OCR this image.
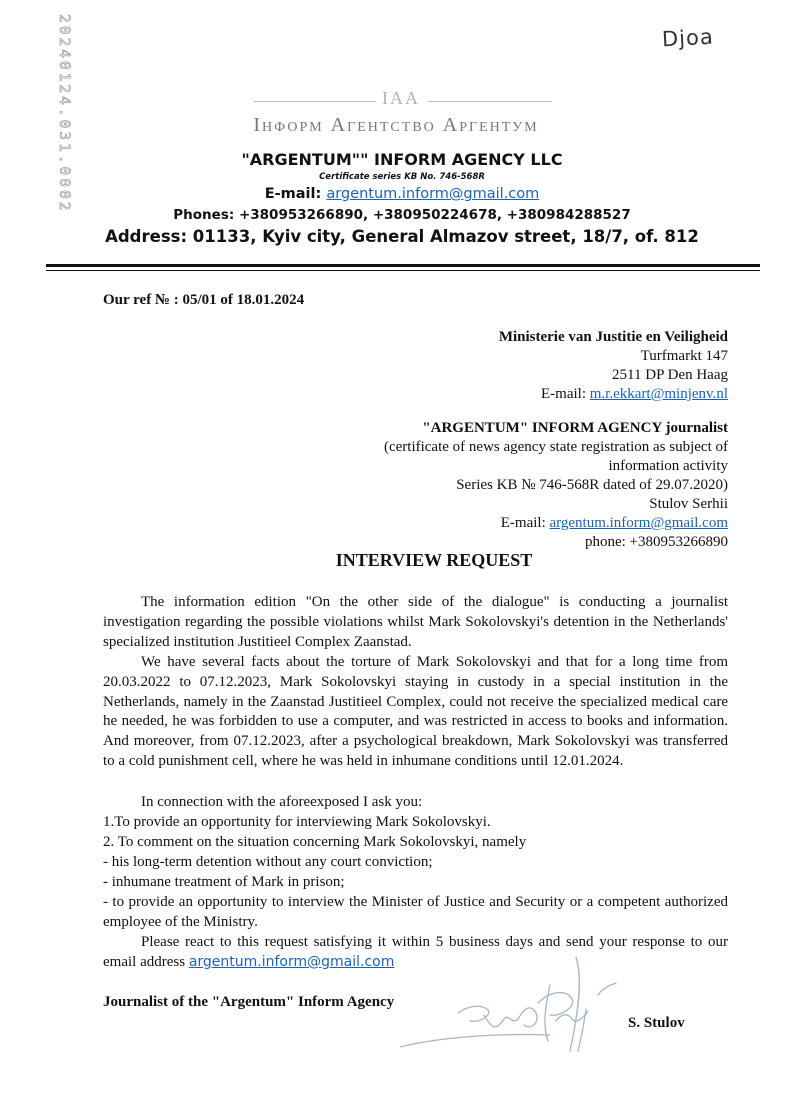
20240124.031.0002	Djoa
IAA
Інформ Агентство Аргентум
"ARGENTUM"" INFORM AGENCY LLC
Certificate series KB No. 746-568R
E-mail: argentum.inform@gmail.com
Phones: +380953266890, +380950224678, +380984288527
Address: 01133, Kyiv city, General Almazov street, 18/7, of. 812
Our ref № : 05/01 of 18.01.2024
Ministerie van Justitie en Veiligheid
Turfmarkt 147
2511 DP Den Haag
E-mail: m.r.ekkart@minjenv.nl
"ARGENTUM" INFORM AGENCY journalist
(certificate of news agency state registration as subject of
information activity
Series KB № 746-568R dated of 29.07.2020)
Stulov Serhii
E-mail: argentum.inform@gmail.com
phone: +380953266890
INTERVIEW REQUEST
The information edition "On the other side of the dialogue" is conducting a journalist investigation regarding the possible violations whilst Mark Sokolovskyi's detention in the Netherlands' specialized institution Justitieel Complex Zaanstad.
We have several facts about the torture of Mark Sokolovskyi and that for a long time from 20.03.2022 to 07.12.2023, Mark Sokolovskyi staying in custody in a special institution in the Netherlands, namely in the Zaanstad Justitieel Complex, could not receive the specialized medical care he needed, he was forbidden to use a computer, and was restricted in access to books and information. And moreover, from 07.12.2023, after a psychological breakdown, Mark Sokolovskyi was transferred to a cold punishment cell, where he was held in inhumane conditions until 12.01.2024.
In connection with the aforeexposed I ask you:
1.To provide an opportunity for interviewing Mark Sokolovskyi.
2. To comment on the situation concerning Mark Sokolovskyi, namely
- his long-term detention without any court conviction;
- inhumane treatment of Mark in prison;
- to provide an opportunity to interview the Minister of Justice and Security or a competent authorized employee of the Ministry.
Please react to this request satisfying it within 5 business days and send your response to our email address argentum.inform@gmail.com
Journalist of the "Argentum" Inform Agency
S. Stulov
